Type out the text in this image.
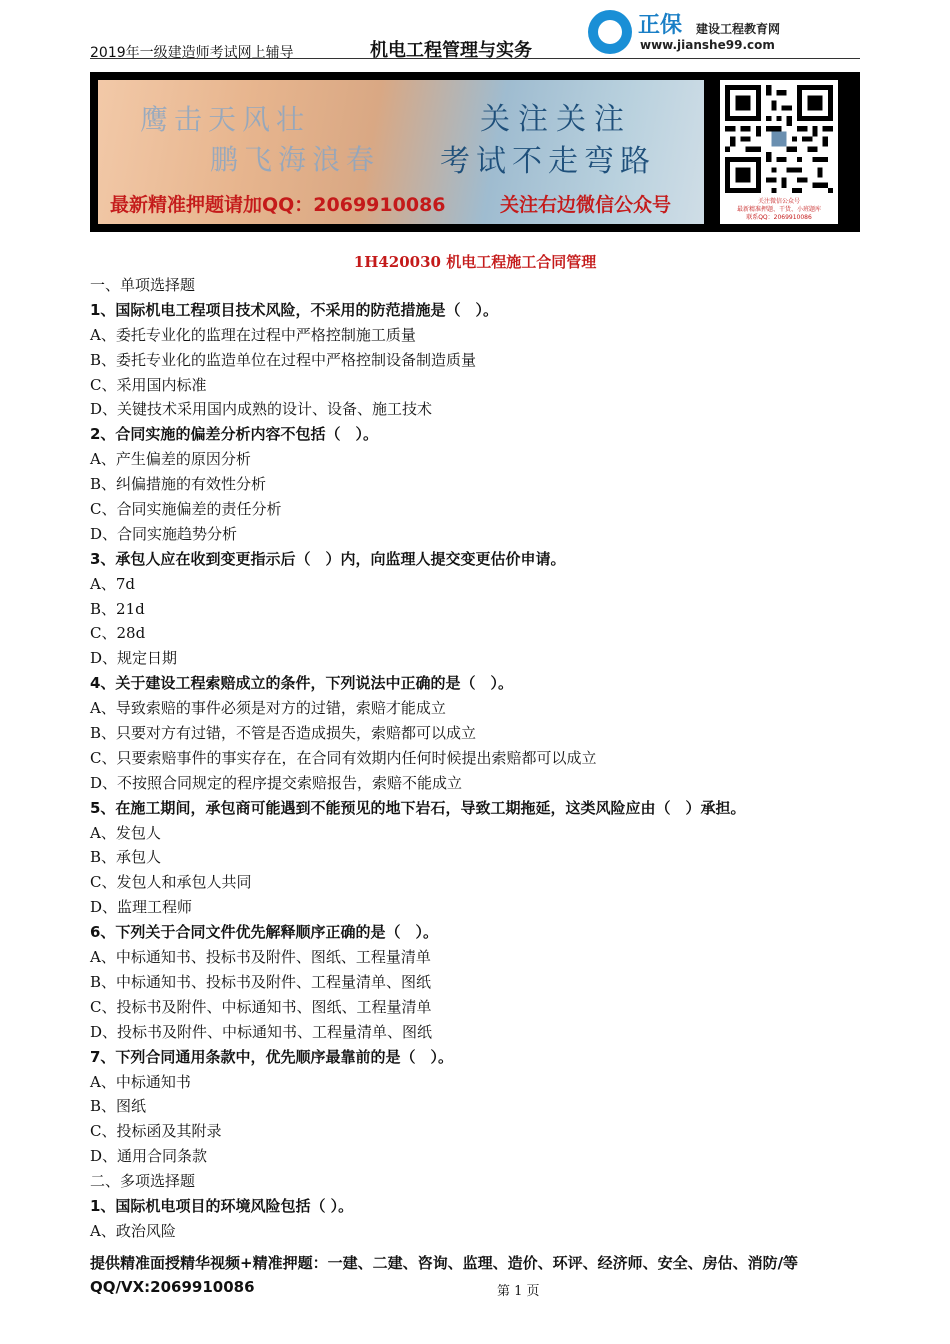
2019年一级建造师考试网上辅导	机电工程管理与实务
正保 建设工程教育网
www.jianshe99.com
鹰击天风壮
鹏飞海浪春
关注关注
考试不走弯路
最新精准押题请加QQ：2069910086	关注右边微信公众号	关注微信公众号
最新精准押题、干货、小班题库
联系QQ：2069910086
1H420030 机电工程施工合同管理
一、单项选择题
1、国际机电工程项目技术风险，不采用的防范措施是（　）。
A、委托专业化的监理在过程中严格控制施工质量
B、委托专业化的监造单位在过程中严格控制设备制造质量
C、采用国内标准
D、关键技术采用国内成熟的设计、设备、施工技术
2、合同实施的偏差分析内容不包括（　）。
A、产生偏差的原因分析
B、纠偏措施的有效性分析
C、合同实施偏差的责任分析
D、合同实施趋势分析
3、承包人应在收到变更指示后（　）内，向监理人提交变更估价申请。
A、7d
B、21d
C、28d
D、规定日期
4、关于建设工程索赔成立的条件，下列说法中正确的是（　）。
A、导致索赔的事件必须是对方的过错，索赔才能成立
B、只要对方有过错，不管是否造成损失，索赔都可以成立
C、只要索赔事件的事实存在，在合同有效期内任何时候提出索赔都可以成立
D、不按照合同规定的程序提交索赔报告，索赔不能成立
5、在施工期间，承包商可能遇到不能预见的地下岩石，导致工期拖延，这类风险应由（　）承担。
A、发包人
B、承包人
C、发包人和承包人共同
D、监理工程师
6、下列关于合同文件优先解释顺序正确的是（　）。
A、中标通知书、投标书及附件、图纸、工程量清单
B、中标通知书、投标书及附件、工程量清单、图纸
C、投标书及附件、中标通知书、图纸、工程量清单
D、投标书及附件、中标通知书、工程量清单、图纸
7、下列合同通用条款中，优先顺序最靠前的是（　）。
A、中标通知书
B、图纸
C、投标函及其附录
D、通用合同条款
二、多项选择题
1、国际机电项目的环境风险包括（ ）。
A、政治风险
提供精准面授精华视频+精准押题：一建、二建、咨询、监理、造价、环评、经济师、安全、房估、消防/等
QQ/VX:2069910086	第 1 页
